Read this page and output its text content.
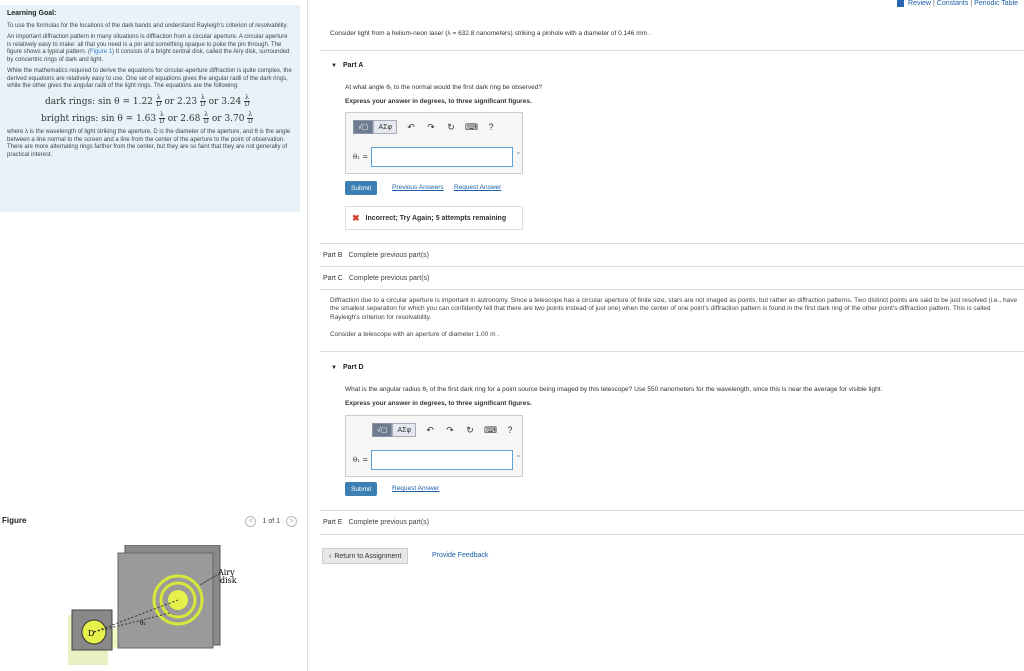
Review | Constants | Periodic Table
Learning Goal:

To use the formulas for the locations of the dark bands and understand Rayleigh's criterion of resolvability.

An important diffraction pattern in many situations is diffraction from a circular aperture. A circular aperture is relatively easy to make: all that you need is a pin and something opaque to poke the pin through. The figure shows a typical pattern. (Figure 1) It consists of a bright central disk, called the Airy disk, surrounded by concentric rings of dark and light.

While the mathematics required to derive the equations for circular-aperture diffraction is quite complex, the derived equations are relatively easy to use. One set of equations gives the angular radii of the dark rings, while the other gives the angular radii of the light rings. The equations are the following:

dark rings: $\sin \theta = 1.22 \frac{\lambda}{D}$ or $2.23 \frac{\lambda}{D}$ or $3.24 \frac{\lambda}{D}$
bright rings: $\sin \theta = 1.63 \frac{\lambda}{D}$ or $2.68 \frac{\lambda}{D}$ or $3.70 \frac{\lambda}{D}$

where λ is the wavelength of light striking the aperture, D is the diameter of the aperture, and θ is the angle between a line normal to the screen and a line from the center of the aperture to the point of observation. There are more alternating rings farther from the center, but they are so faint that they are not generally of practical interest.

Figure	<	1 of 1	>
D
θ₁
Airy
disk
Consider light from a helium-neon laser (λ = 632.8 nanometers) striking a pinhole with a diameter of 0.146 mm .
▼ Part A
At what angle θ₁ to the normal would the first dark ring be observed?
Express your answer in degrees, to three significant figures.
√▢	ΑΣφ	↶ ↷ ↻ ⌨	?
θ₁ =	°
Submit	Previous Answers Request Answer
✖ Incorrect; Try Again; 5 attempts remaining
Part B Complete previous part(s)
Part C Complete previous part(s)
Diffraction due to a circular aperture is important in astronomy. Since a telescope has a circular aperture of finite size, stars are not imaged as points, but rather as diffraction patterns. Two distinct points are said to be just resolved (i.e., have the smallest separation for which you can confidently tell that there are two points instead of just one) when the center of one point's diffraction pattern is found in the first dark ring of the other point's diffraction pattern. This is called Rayleigh's criterion for resolvability.
Consider a telescope with an aperture of diameter 1.00 m .
▼ Part D
What is the angular radius θ₁ of the first dark ring for a point source being imaged by this telescope? Use 550 nanometers for the wavelength, since this is near the average for visible light.
Express your answer in degrees, to three significant figures.
√▢	ΑΣφ	↶ ↷ ↻ ⌨	?
θ₁ =	°
Submit	Request Answer
Part E Complete previous part(s)
‹ Return to Assignment	Provide Feedback
